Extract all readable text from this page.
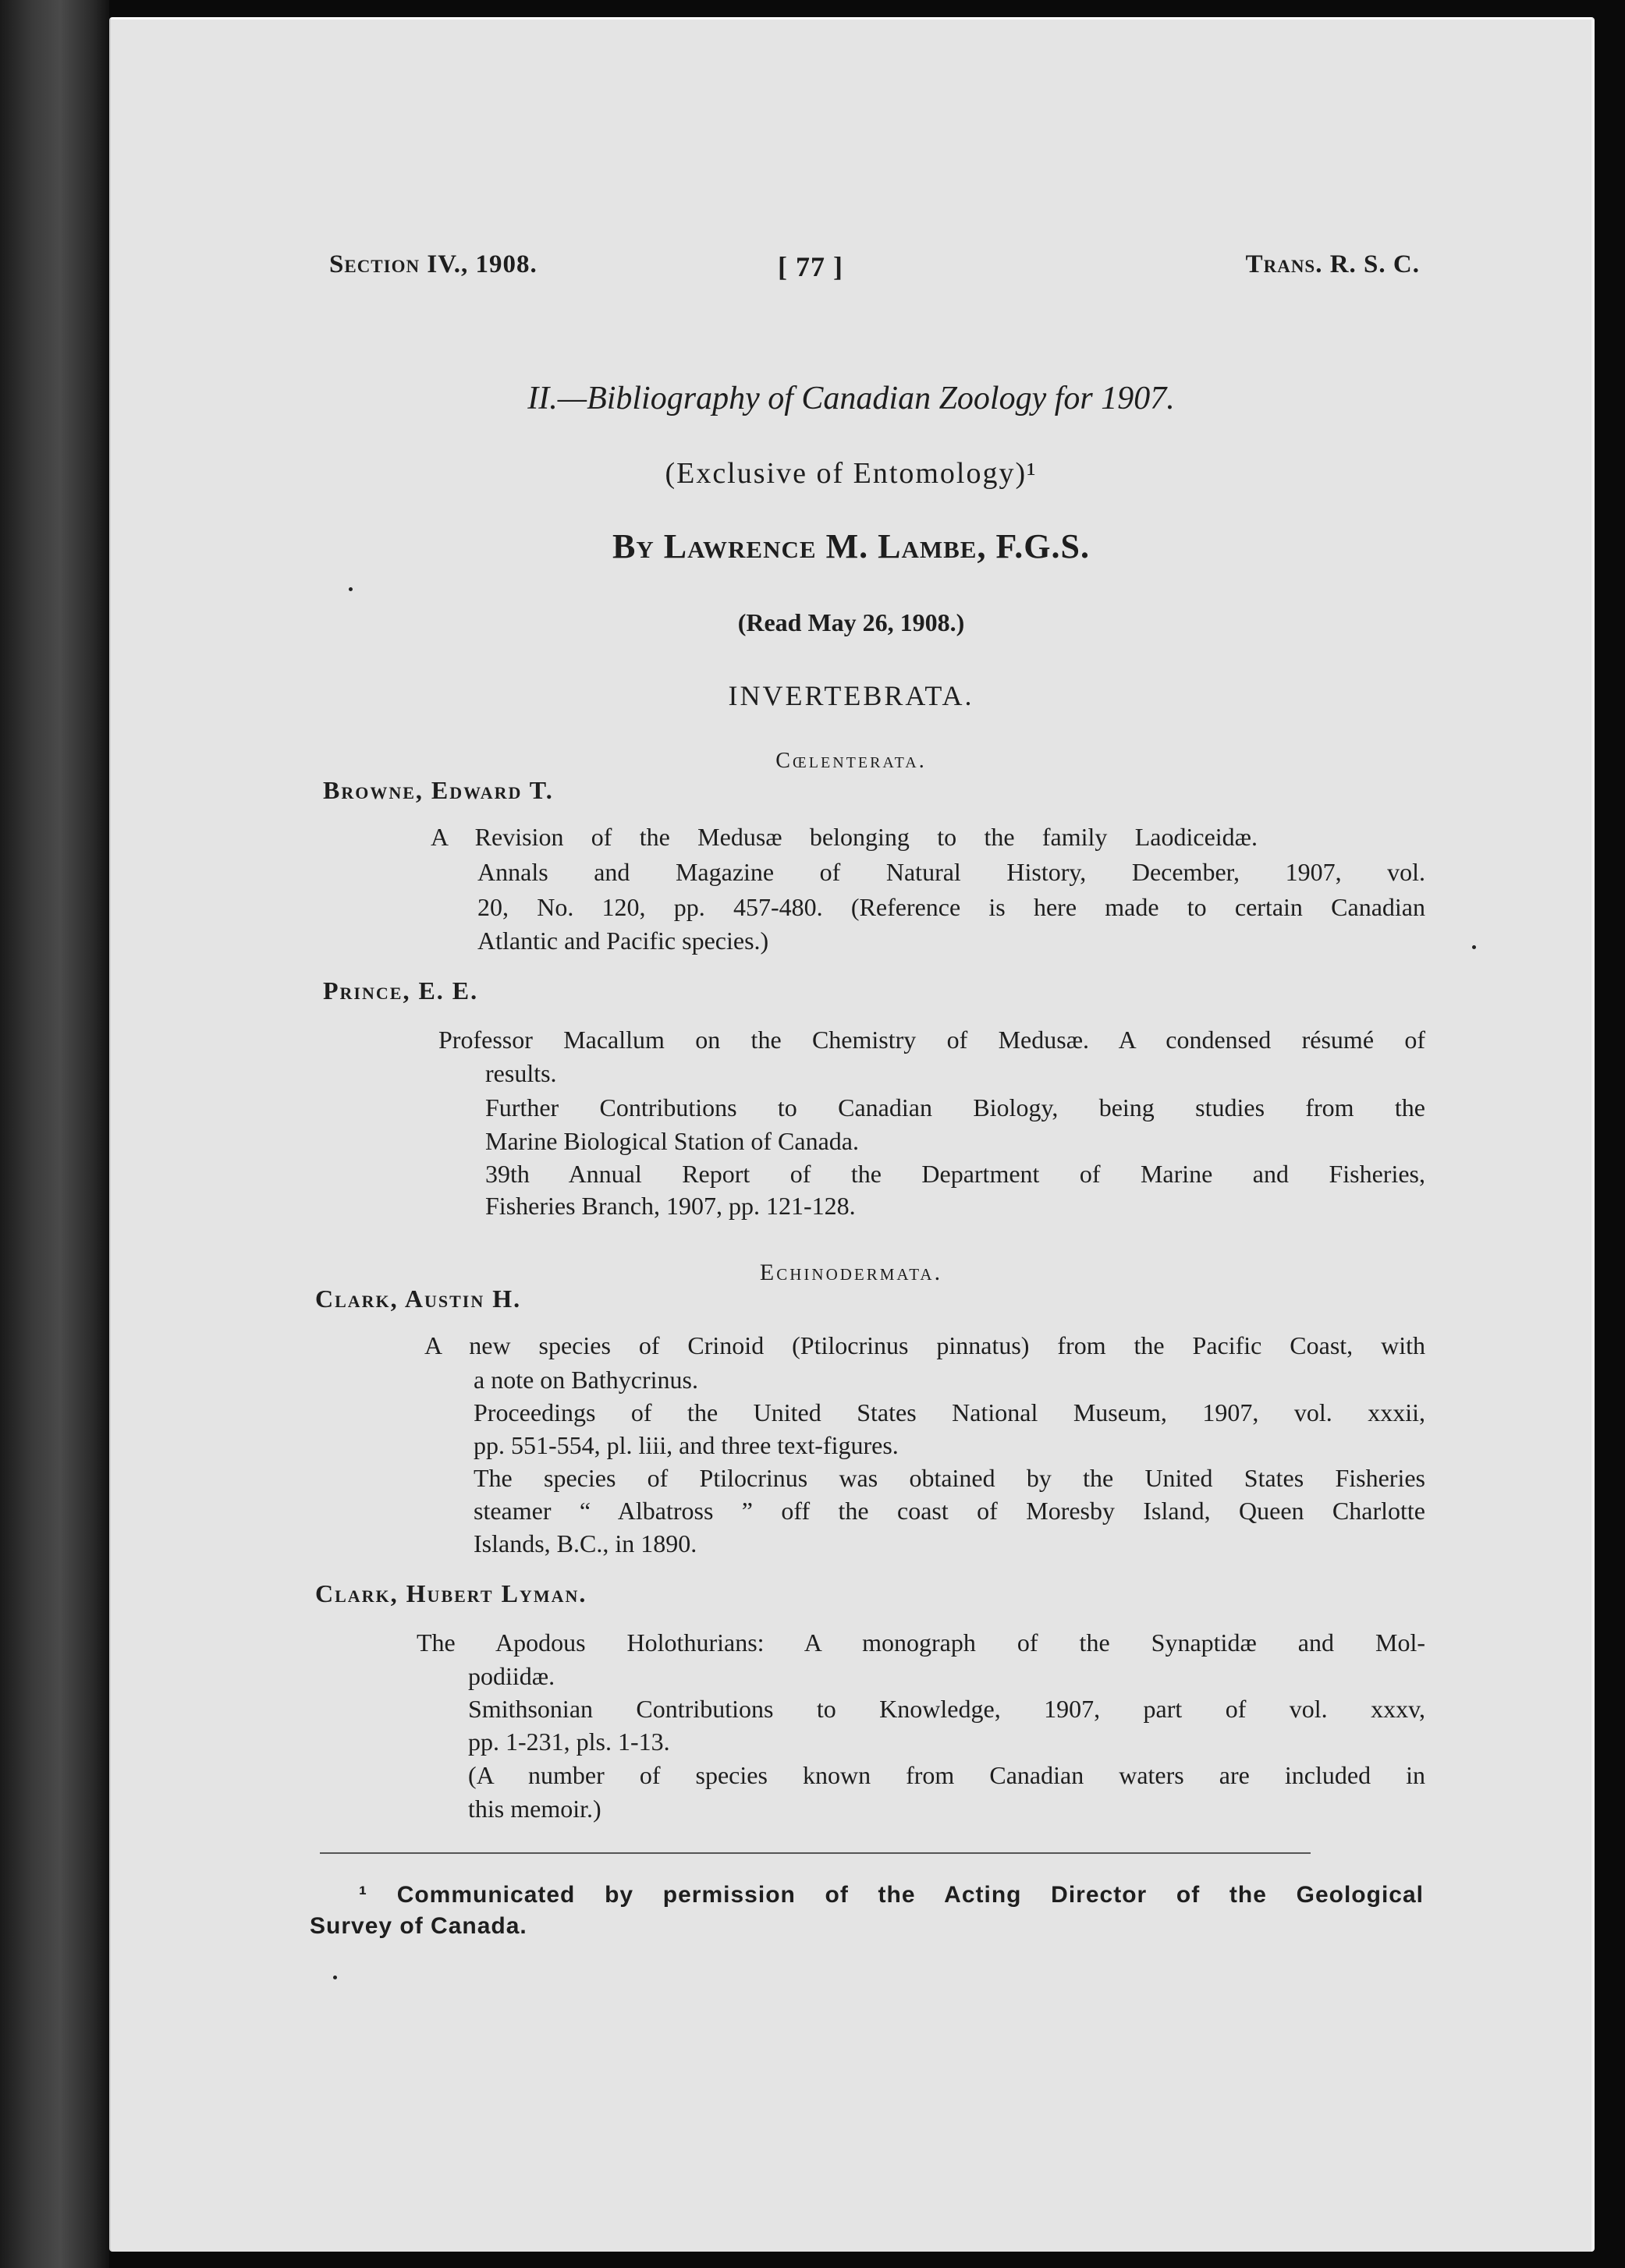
Section IV., 1908.	[ 77 ]	Trans. R. S. C.
II.—Bibliography of Canadian Zoology for 1907.
(Exclusive of Entomology)¹
By Lawrence M. Lambe, F.G.S.
(Read May 26, 1908.)
INVERTEBRATA.
Cœlenterata.
Browne, Edward T.
A Revision of the Medusæ belonging to the family Laodiceidæ.
Annals and Magazine of Natural History, December, 1907, vol.
20, No. 120, pp. 457-480. (Reference is here made to certain Canadian
Atlantic and Pacific species.)
Prince, E. E.
Professor Macallum on the Chemistry of Medusæ. A condensed résumé of
results.
Further Contributions to Canadian Biology, being studies from the
Marine Biological Station of Canada.
39th Annual Report of the Department of Marine and Fisheries,
Fisheries Branch, 1907, pp. 121-128.
Echinodermata.
Clark, Austin H.
A new species of Crinoid (Ptilocrinus pinnatus) from the Pacific Coast, with
a note on Bathycrinus.
Proceedings of the United States National Museum, 1907, vol. xxxii,
pp. 551-554, pl. liii, and three text-figures.
The species of Ptilocrinus was obtained by the United States Fisheries
steamer “ Albatross ” off the coast of Moresby Island, Queen Charlotte
Islands, B.C., in 1890.
Clark, Hubert Lyman.
The Apodous Holothurians: A monograph of the Synaptidæ and Mol-
podiidæ.
Smithsonian Contributions to Knowledge, 1907, part of vol. xxxv,
pp. 1-231, pls. 1-13.
(A number of species known from Canadian waters are included in
this memoir.)
¹ Communicated by permission of the Acting Director of the Geological
Survey of Canada.
